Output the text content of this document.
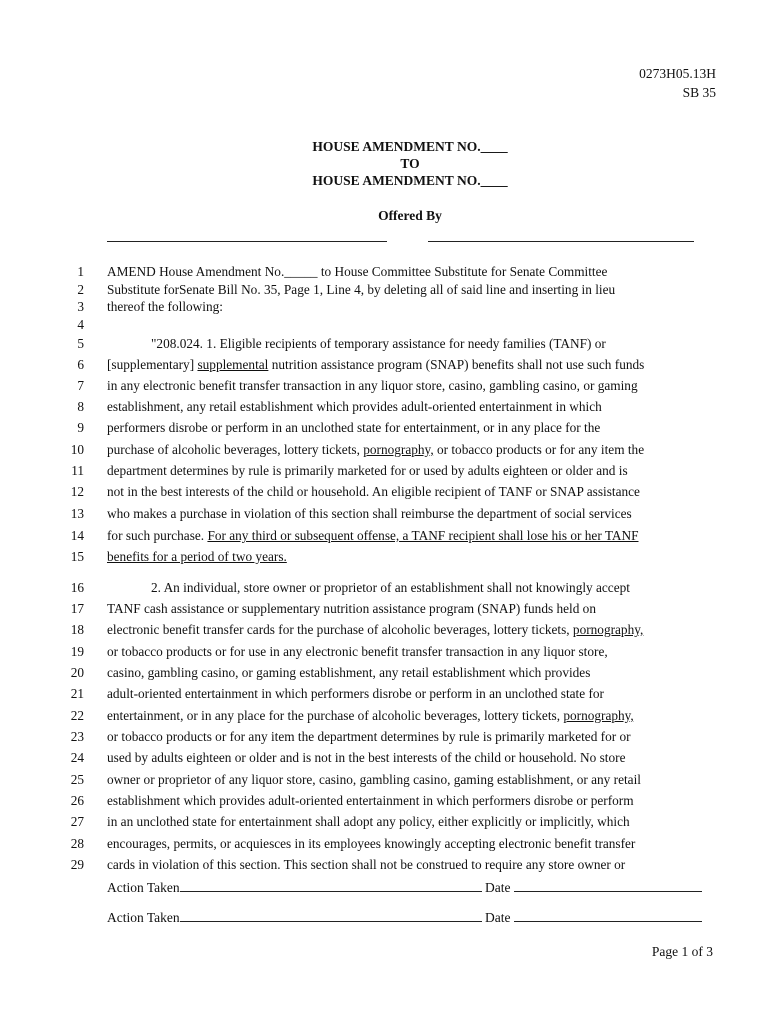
0273H05.13H
SB 35
HOUSE AMENDMENT NO.____
TO
HOUSE AMENDMENT NO.____
Offered By
1 AMEND House Amendment No._____ to House Committee Substitute for Senate Committee
2 Substitute forSenate Bill No. 35, Page 1, Line 4, by deleting all of said line and inserting in lieu
3 thereof the following:
4
5	"208.024. 1. Eligible recipients of temporary assistance for needy families (TANF) or
6 [supplementary] supplemental nutrition assistance program (SNAP) benefits shall not use such funds
7 in any electronic benefit transfer transaction in any liquor store, casino, gambling casino, or gaming
8 establishment, any retail establishment which provides adult-oriented entertainment in which
9 performers disrobe or perform in an unclothed state for entertainment, or in any place for the
10 purchase of alcoholic beverages, lottery tickets, pornography, or tobacco products or for any item the
11 department determines by rule is primarily marketed for or used by adults eighteen or older and is
12 not in the best interests of the child or household. An eligible recipient of TANF or SNAP assistance
13 who makes a purchase in violation of this section shall reimburse the department of social services
14 for such purchase. For any third or subsequent offense, a TANF recipient shall lose his or her TANF
15 benefits for a period of two years.
16	2. An individual, store owner or proprietor of an establishment shall not knowingly accept
17 TANF cash assistance or supplementary nutrition assistance program (SNAP) funds held on
18 electronic benefit transfer cards for the purchase of alcoholic beverages, lottery tickets, pornography,
19 or tobacco products or for use in any electronic benefit transfer transaction in any liquor store,
20 casino, gambling casino, or gaming establishment, any retail establishment which provides
21 adult-oriented entertainment in which performers disrobe or perform in an unclothed state for
22 entertainment, or in any place for the purchase of alcoholic beverages, lottery tickets, pornography,
23 or tobacco products or for any item the department determines by rule is primarily marketed for or
24 used by adults eighteen or older and is not in the best interests of the child or household. No store
25 owner or proprietor of any liquor store, casino, gambling casino, gaming establishment, or any retail
26 establishment which provides adult-oriented entertainment in which performers disrobe or perform
27 in an unclothed state for entertainment shall adopt any policy, either explicitly or implicitly, which
28 encourages, permits, or acquiesces in its employees knowingly accepting electronic benefit transfer
29 cards in violation of this section. This section shall not be construed to require any store owner or
Action Taken	Date
Action Taken	Date
Page 1 of 3
